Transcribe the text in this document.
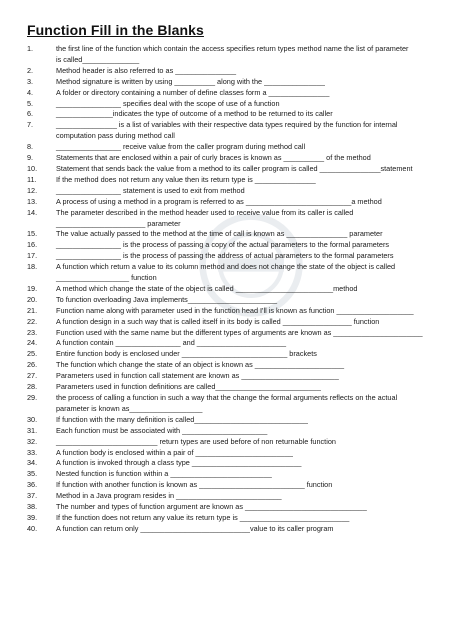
Function Fill in the Blanks
1.	the first line of the function which contain the access specifies return types method name the list of parameter
is called______________
2.	Method header is also referred to as _______________
3.	Method signature is written by using __________ along with the _______________
4.	A folder or directory containing a number of define classes form a _______________
5.	________________ specifies deal with the scope of use of a function
6.	______________indicates the type of outcome of a method to be returned to its caller
7.	_______________ is a list of variables with their respective data types required by the function for internal
computation pass during method call
8.	________________ receive value from the caller program during method call
9.	Statements that are enclosed within a pair of curly braces is known as __________ of the method
10.	Statement that sends back the value from a method to its caller program is called _______________statement
11.	If the method does not return any value then its return type is _______________
12.	________________ statement is used to exit from method
13.	A process of using a method in a program is referred to as __________________________a method
14.	The parameter described in the method header used to receive value from its caller is called
______________________ parameter
15.	The value actually passed to the method at the time of call is known as _______________ parameter
16.	________________ is the process of passing a copy of the actual parameters to the formal parameters
17.	________________ is the process of passing the address of actual parameters to the formal parameters
18.	A function which return a value to its column method and does not change the state of the object is called
__________________ function
19.	A method which change the state of the object is called ________________________method
20.	To function overloading Java implements______________________
21.	Function name along with parameter used in the function head I'll is known as function ___________________
22.	A function design in a such way that is called itself in its body is called _________________ function
23.	Function used with the same name but the different types of arguments are known as ______________________
24.	A function contain ________________ and ______________________
25.	Entire function body is enclosed under __________________________ brackets
26.	The function which change the state of an object is known as ______________________
27.	Parameters used in function call statement are known as ________________________
28.	Parameters used in function definitions are called__________________________
29.	the process of calling a function in such a way that the change the formal arguments reflects on the actual
parameter is known as__________________
30.	If function with the many definition is called____________________________
31.	Each function must be associated with _____________________
32.	_________________________ return types are used before of non returnable function
33.	A function body is enclosed within a pair of ________________________
34.	A function is invoked through a class type ___________________________
35.	Nested function is function within a _________________________
36.	If function with another function is known as __________________________ function
37.	Method in a Java program resides in __________________________
38.	The number and types of function argument are known as ______________________________
39.	If the function does not return any value its return type is ___________________________
40.	A function can return only ___________________________value to its caller program
